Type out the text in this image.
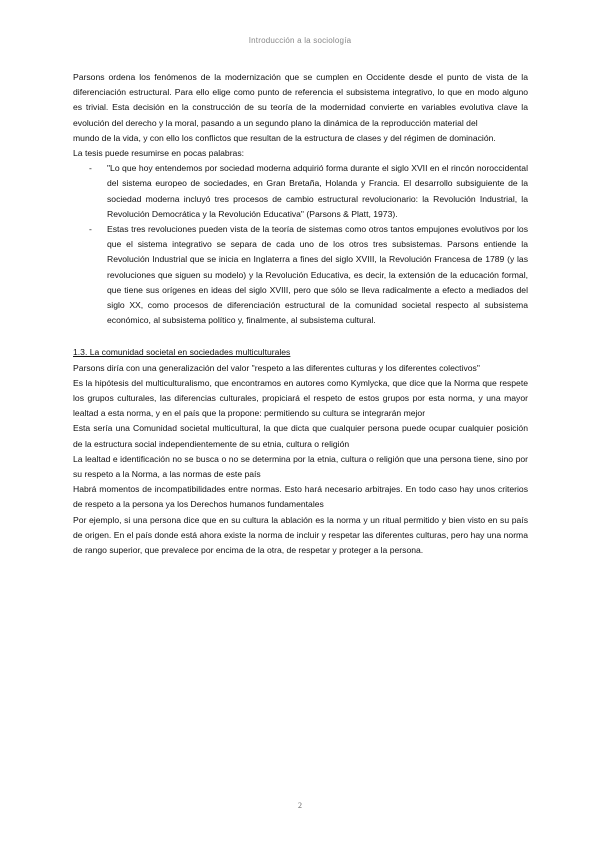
Introducción a la sociología

Parsons ordena los fenómenos de la modernización que se cumplen en Occidente desde el punto de vista de la diferenciación estructural. Para ello elige como punto de referencia el subsistema integrativo, lo que en modo alguno es trivial. Esta decisión en la construcción de su teoría de la modernidad convierte en variables evolutiva clave la evolución del derecho y la moral, pasando a un segundo plano la dinámica de la reproducción material del

mundo de la vida, y con ello los conflictos que resultan de la estructura de clases y del régimen de dominación.

La tesis puede resumirse en pocas palabras:

- "Lo que hoy entendemos por sociedad moderna adquirió forma durante el siglo XVII en el rincón noroccidental del sistema europeo de sociedades, en Gran Bretaña, Holanda y Francia. El desarrollo subsiguiente de la sociedad moderna incluyó tres procesos de cambio estructural revolucionario: la Revolución Industrial, la Revolución Democrática y la Revolución Educativa" (Parsons & Platt, 1973).
- Estas tres revoluciones pueden vista de la teoría de sistemas como otros tantos empujones evolutivos por los que el sistema integrativo se separa de cada uno de los otros tres subsistemas. Parsons entiende la Revolución Industrial que se inicia en Inglaterra a fines del siglo XVIII, la Revolución Francesa de 1789 (y las revoluciones que siguen su modelo) y la Revolución Educativa, es decir, la extensión de la educación formal, que tiene sus orígenes en ideas del siglo XVIII, pero que sólo se lleva radicalmente a efecto a mediados del siglo XX, como procesos de diferenciación estructural de la comunidad societal respecto al subsistema económico, al subsistema político y, finalmente, al subsistema cultural.

1.3. La comunidad societal en sociedades multiculturales

Parsons diría con una generalización del valor "respeto a las diferentes culturas y los diferentes colectivos"

Es la hipótesis del multiculturalismo, que encontramos en autores como Kymlycka, que dice que la Norma que respete los grupos culturales, las diferencias culturales, propiciará el respeto de estos grupos por esta norma, y una mayor lealtad a esta norma, y en el país que la propone: permitiendo su cultura se integrarán mejor

Esta sería una Comunidad societal multicultural, la que dicta que cualquier persona puede ocupar cualquier posición de la estructura social independientemente de su etnia, cultura o religión

La lealtad e identificación no se busca o no se determina por la etnia, cultura o religión que una persona tiene, sino por su respeto a la Norma, a las normas de este país

Habrá momentos de incompatibilidades entre normas. Esto hará necesario arbitrajes. En todo caso hay unos criterios de respeto a la persona ya los Derechos humanos fundamentales

Por ejemplo, si una persona dice que en su cultura la ablación es la norma y un ritual permitido y bien visto en su país de origen. En el país donde está ahora existe la norma de incluir y respetar las diferentes culturas, pero hay una norma de rango superior, que prevalece por encima de la otra, de respetar y proteger a la persona.

2
